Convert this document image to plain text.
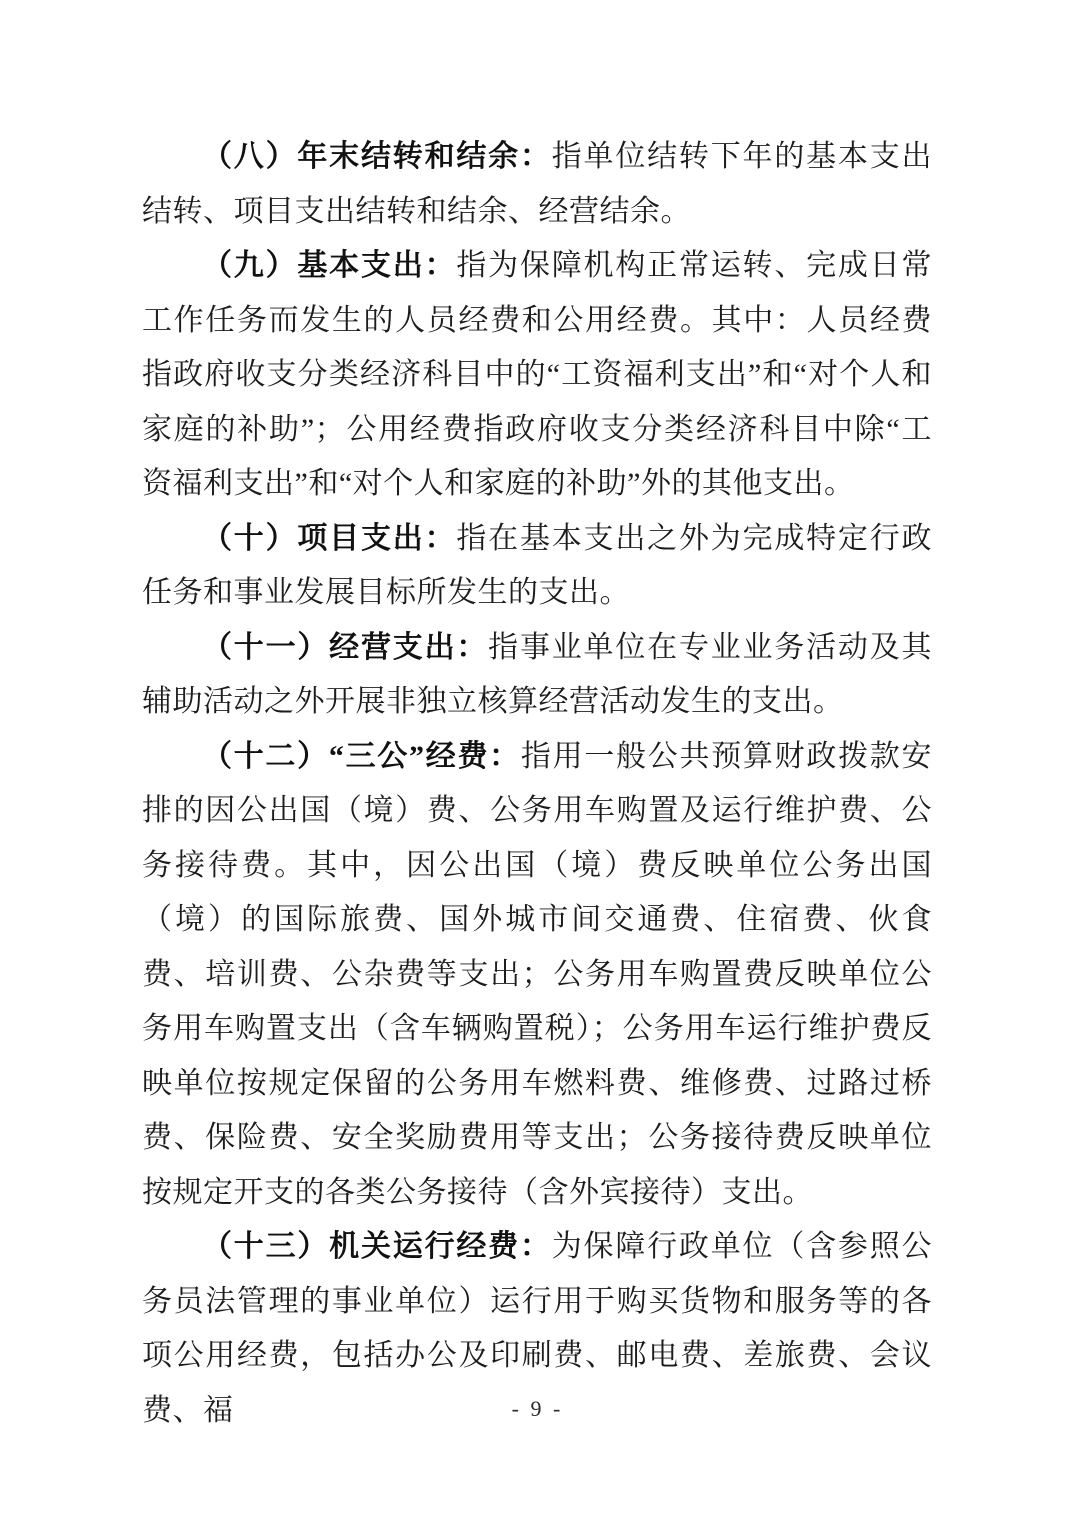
（八）年末结转和结余：指单位结转下年的基本支出结转、项目支出结转和结余、经营结余。

（九）基本支出：指为保障机构正常运转、完成日常工作任务而发生的人员经费和公用经费。其中：人员经费指政府收支分类经济科目中的“工资福利支出”和“对个人和家庭的补助”；公用经费指政府收支分类经济科目中除“工资福利支出”和“对个人和家庭的补助”外的其他支出。

（十）项目支出：指在基本支出之外为完成特定行政任务和事业发展目标所发生的支出。

（十一）经营支出：指事业单位在专业业务活动及其辅助活动之外开展非独立核算经营活动发生的支出。

（十二）“三公”经费：指用一般公共预算财政拨款安排的因公出国（境）费、公务用车购置及运行维护费、公务接待费。其中，因公出国（境）费反映单位公务出国（境）的国际旅费、国外城市间交通费、住宿费、伙食费、培训费、公杂费等支出；公务用车购置费反映单位公务用车购置支出（含车辆购置税）；公务用车运行维护费反映单位按规定保留的公务用车燃料费、维修费、过路过桥费、保险费、安全奖励费用等支出；公务接待费反映单位按规定开支的各类公务接待（含外宾接待）支出。

（十三）机关运行经费：为保障行政单位（含参照公务员法管理的事业单位）运行用于购买货物和服务等的各项公用经费，包括办公及印刷费、邮电费、差旅费、会议费、福	- 9 -
